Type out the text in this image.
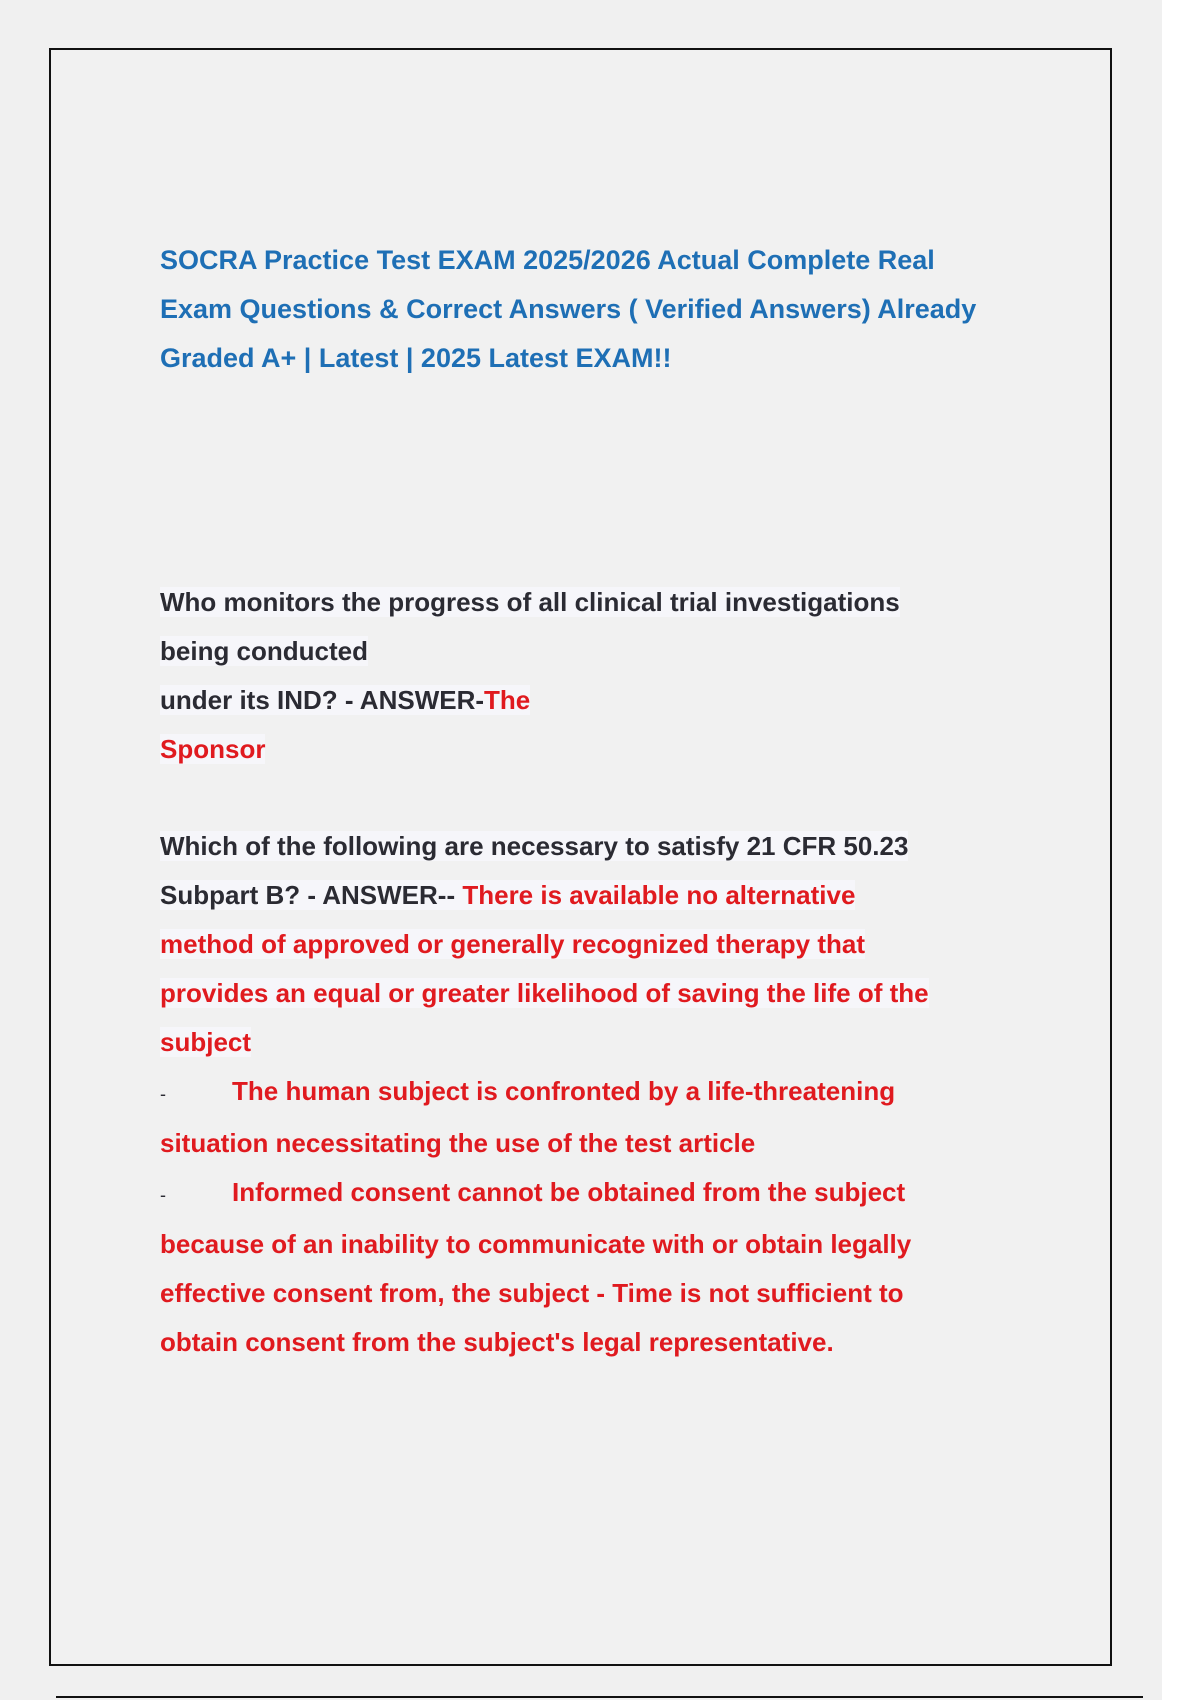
SOCRA Practice Test EXAM 2025/2026 Actual Complete Real
Exam Questions & Correct Answers ( Verified Answers) Already
Graded A+ | Latest | 2025 Latest EXAM!!
Who monitors the progress of all clinical trial investigations
being conducted
under its IND? - ANSWER-The
Sponsor
Which of the following are necessary to satisfy 21 CFR 50.23
Subpart B? - ANSWER-- There is available no alternative
method of approved or generally recognized therapy that
provides an equal or greater likelihood of saving the life of the
subject
-	The human subject is confronted by a life-threatening
situation necessitating the use of the test article
-	Informed consent cannot be obtained from the subject
because of an inability to communicate with or obtain legally
effective consent from, the subject - Time is not sufficient to
obtain consent from the subject's legal representative.
